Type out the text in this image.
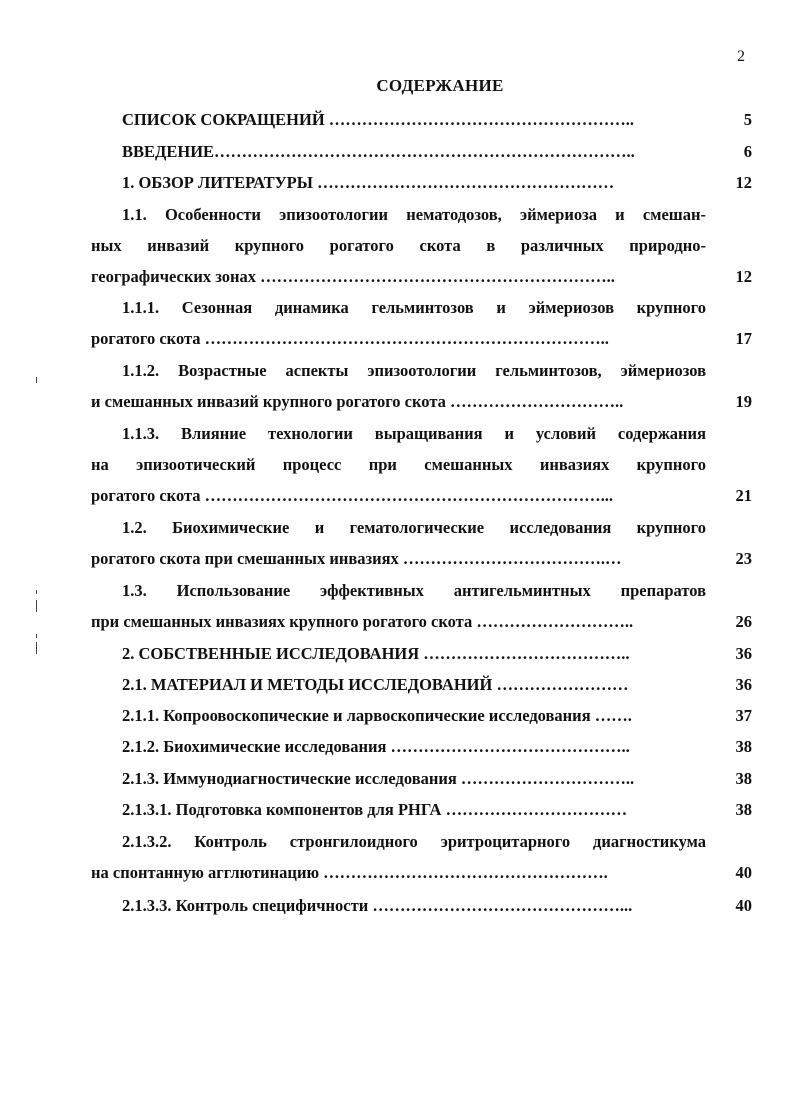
2
СОДЕРЖАНИЕ
СПИСОК СОКРАЩЕНИЙ ………………………………………………..	5
ВВЕДЕНИЕ…………………………………………………………………..	6
1. ОБЗОР ЛИТЕРАТУРЫ ………………………………………………	12
1.1. Особенности эпизоотологии нематодозов, эймериоза и смешан-
ных инвазий крупного рогатого скота в различных природно-
географических зонах ………………………………………………………..	12
1.1.1. Сезонная динамика гельминтозов и эймериозов крупного
рогатого скота ………………………………………………………………..	17
1.1.2. Возрастные аспекты эпизоотологии гельминтозов, эймериозов
и смешанных инвазий крупного рогатого скота …………………………..	19
1.1.3. Влияние технологии выращивания и условий содержания
на эпизоотический процесс при смешанных инвазиях крупного
рогатого скота ………………………………………………………………...	21
1.2. Биохимические и гематологические исследования крупного
рогатого скота при смешанных инвазиях ……………………………….…	23
1.3. Использование эффективных антигельминтных препаратов
при смешанных инвазиях крупного рогатого скота ………………………..	26
2. СОБСТВЕННЫЕ ИССЛЕДОВАНИЯ ………………………………..	36
2.1. МАТЕРИАЛ И МЕТОДЫ ИССЛЕДОВАНИЙ ……………………	36
2.1.1. Копроовоскопические и ларвоскопические исследования …….	37
2.1.2. Биохимические исследования ……………………………………..	38
2.1.3. Иммунодиагностические исследования …………………………..	38
2.1.3.1. Подготовка компонентов для РНГА ……………………………	38
2.1.3.2. Контроль стронгилоидного эритроцитарного диагностикума
на спонтанную агглютинацию …………………………………………….	40
2.1.3.3. Контроль специфичности ………………………………………...	40
